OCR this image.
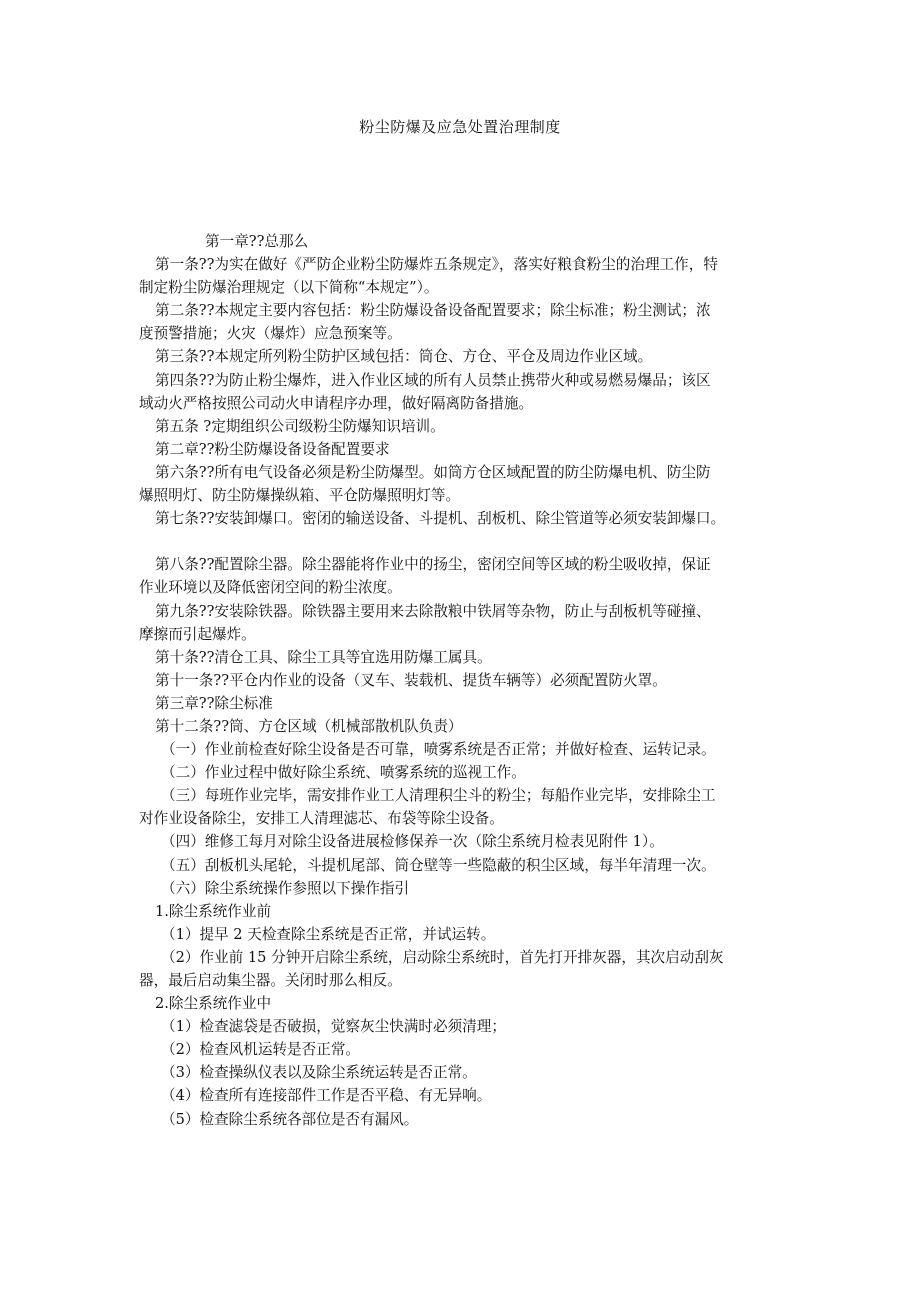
粉尘防爆及应急处置治理制度
第一章??总那么
第一条??为实在做好《严防企业粉尘防爆炸五条规定》，落实好粮食粉尘的治理工作，特
制定粉尘防爆治理规定（以下简称“本规定”）。
第二条??本规定主要内容包括：粉尘防爆设备设备配置要求；除尘标准；粉尘测试；浓
度预警措施；火灾（爆炸）应急预案等。
第三条??本规定所列粉尘防护区域包括：筒仓、方仓、平仓及周边作业区域。
第四条??为防止粉尘爆炸，进入作业区域的所有人员禁止携带火种或易燃易爆品；该区
域动火严格按照公司动火申请程序办理，做好隔离防备措施。
第五条 ?定期组织公司级粉尘防爆知识培训。
第二章??粉尘防爆设备设备配置要求
第六条??所有电气设备必须是粉尘防爆型。如筒方仓区域配置的防尘防爆电机、防尘防
爆照明灯、防尘防爆操纵箱、平仓防爆照明灯等。
第七条??安装卸爆口。密闭的输送设备、斗提机、刮板机、除尘管道等必须安装卸爆口。
第八条??配置除尘器。除尘器能将作业中的扬尘，密闭空间等区域的粉尘吸收掉，保证
作业环境以及降低密闭空间的粉尘浓度。
第九条??安装除铁器。除铁器主要用来去除散粮中铁屑等杂物，防止与刮板机等碰撞、
摩擦而引起爆炸。
第十条??清仓工具、除尘工具等宜选用防爆工属具。
第十一条??平仓内作业的设备（叉车、装载机、提货车辆等）必须配置防火罩。
第三章??除尘标准
第十二条??筒、方仓区域（机械部散机队负责）
（一）作业前检查好除尘设备是否可靠，喷雾系统是否正常；并做好检查、运转记录。
（二）作业过程中做好除尘系统、喷雾系统的巡视工作。
（三）每班作业完毕，需安排作业工人清理积尘斗的粉尘；每船作业完毕，安排除尘工
对作业设备除尘，安排工人清理滤芯、布袋等除尘设备。
（四）维修工每月对除尘设备进展检修保养一次（除尘系统月检表见附件 1）。
（五）刮板机头尾轮，斗提机尾部、筒仓壁等一些隐蔽的积尘区域，每半年清理一次。
（六）除尘系统操作参照以下操作指引
1.除尘系统作业前
（1）提早 2 天检查除尘系统是否正常，并试运转。
（2）作业前 15 分钟开启除尘系统，启动除尘系统时，首先打开排灰器，其次启动刮灰
器，最后启动集尘器。关闭时那么相反。
2.除尘系统作业中
（1）检查滤袋是否破损，觉察灰尘快满时必须清理；
（2）检查风机运转是否正常。
（3）检查操纵仪表以及除尘系统运转是否正常。
（4）检查所有连接部件工作是否平稳、有无异响。
（5）检查除尘系统各部位是否有漏风。
